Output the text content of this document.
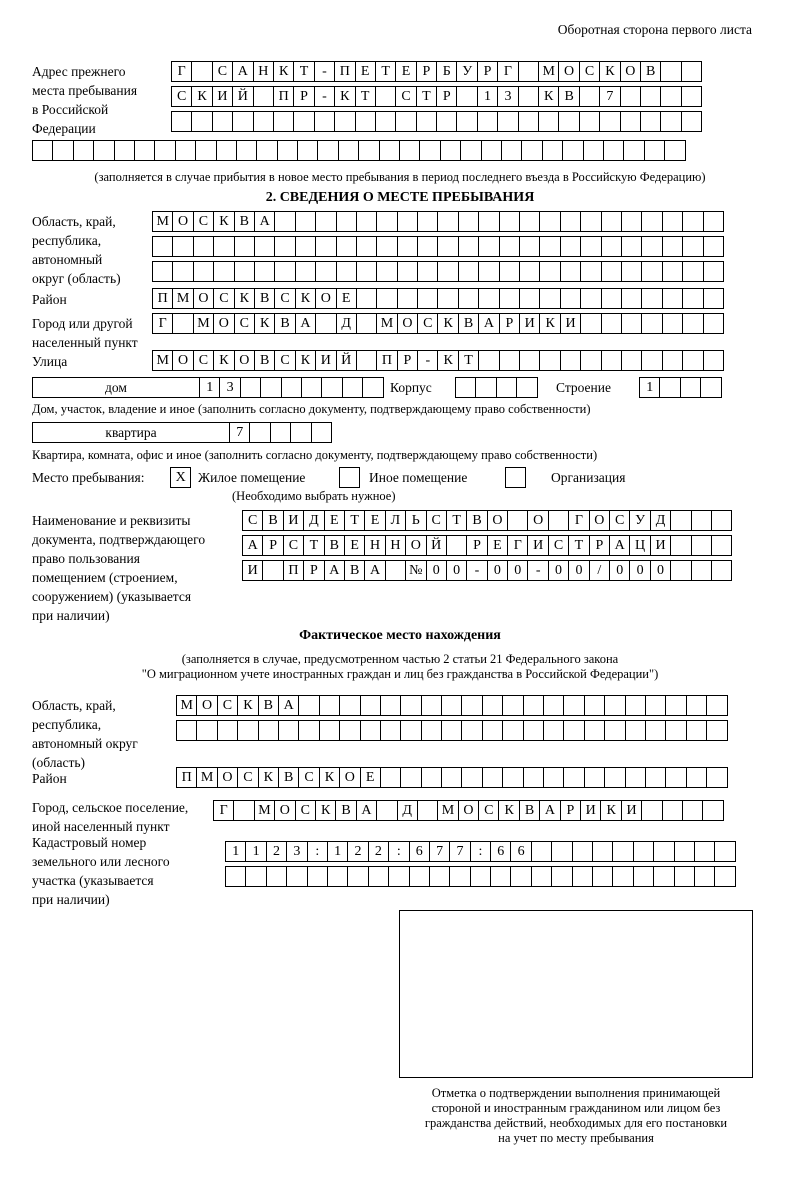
Оборотная сторона первого листа
Адрес прежнего
места пребывания
в Российской
Федерации
Г	С А Н К Т - П Е Т Е Р Б У Р Г	М О С К О В
С К И Й	П Р	- К Т	С Т Р	1 3	К В	7
(заполняется в случае прибытия в новое место пребывания в период последнего въезда в Российскую Федерацию)
2. СВЕДЕНИЯ О МЕСТЕ ПРЕБЫВАНИЯ
Область, край,
республика,
автономный
округ (область)
М О С К В А
Район	П М О С К В С К О Е
Город или другой
населенный пункт
Г	М О С К В А	Д	М О С К В А Р И К И
Улица	М О С К О В С К И Й	П Р	- К Т
дом	1 3	Корпус	Строение	1
Дом, участок, владение и иное (заполнить согласно документу, подтверждающему право собственности)
квартира	7
Квартира, комната, офис и иное (заполнить согласно документу, подтверждающему право собственности)
Место пребывания:	X Жилое помещение	Иное помещение	Организация
(Необходимо выбрать нужное)
Наименование и реквизиты
документа, подтверждающего
право пользования
помещением (строением,
сооружением) (указывается
при наличии)
С В И Д Е Т Е Л Ь С Т В О	О	Г О С У Д
А Р С Т В Е Н Н О Й	Р Е Г И С Т Р А Ц И
И	П Р А В А	№ 0 0	-	0 0	-	0 0	/	0 0 0
Фактическое место нахождения
(заполняется в случае, предусмотренном частью 2 статьи 21 Федерального закона
"О миграционном учете иностранных граждан и лиц без гражданства в Российской Федерации")
Область, край,
республика,
автономный округ
(область)
М О С К В А
Район	П М О С К В С К О Е
Город, сельское поселение,
иной населенный пункт
Г	М О С К В А	Д	М О С К В А Р И К И
Кадастровый номер
земельного или лесного
участка (указывается
при наличии)
1 1 2 3	:	1 2 2	:	6 7 7	:	6 6
Отметка о подтверждении выполнения принимающей
стороной и иностранным гражданином или лицом без
гражданства действий, необходимых для его постановки
на учет по месту пребывания
